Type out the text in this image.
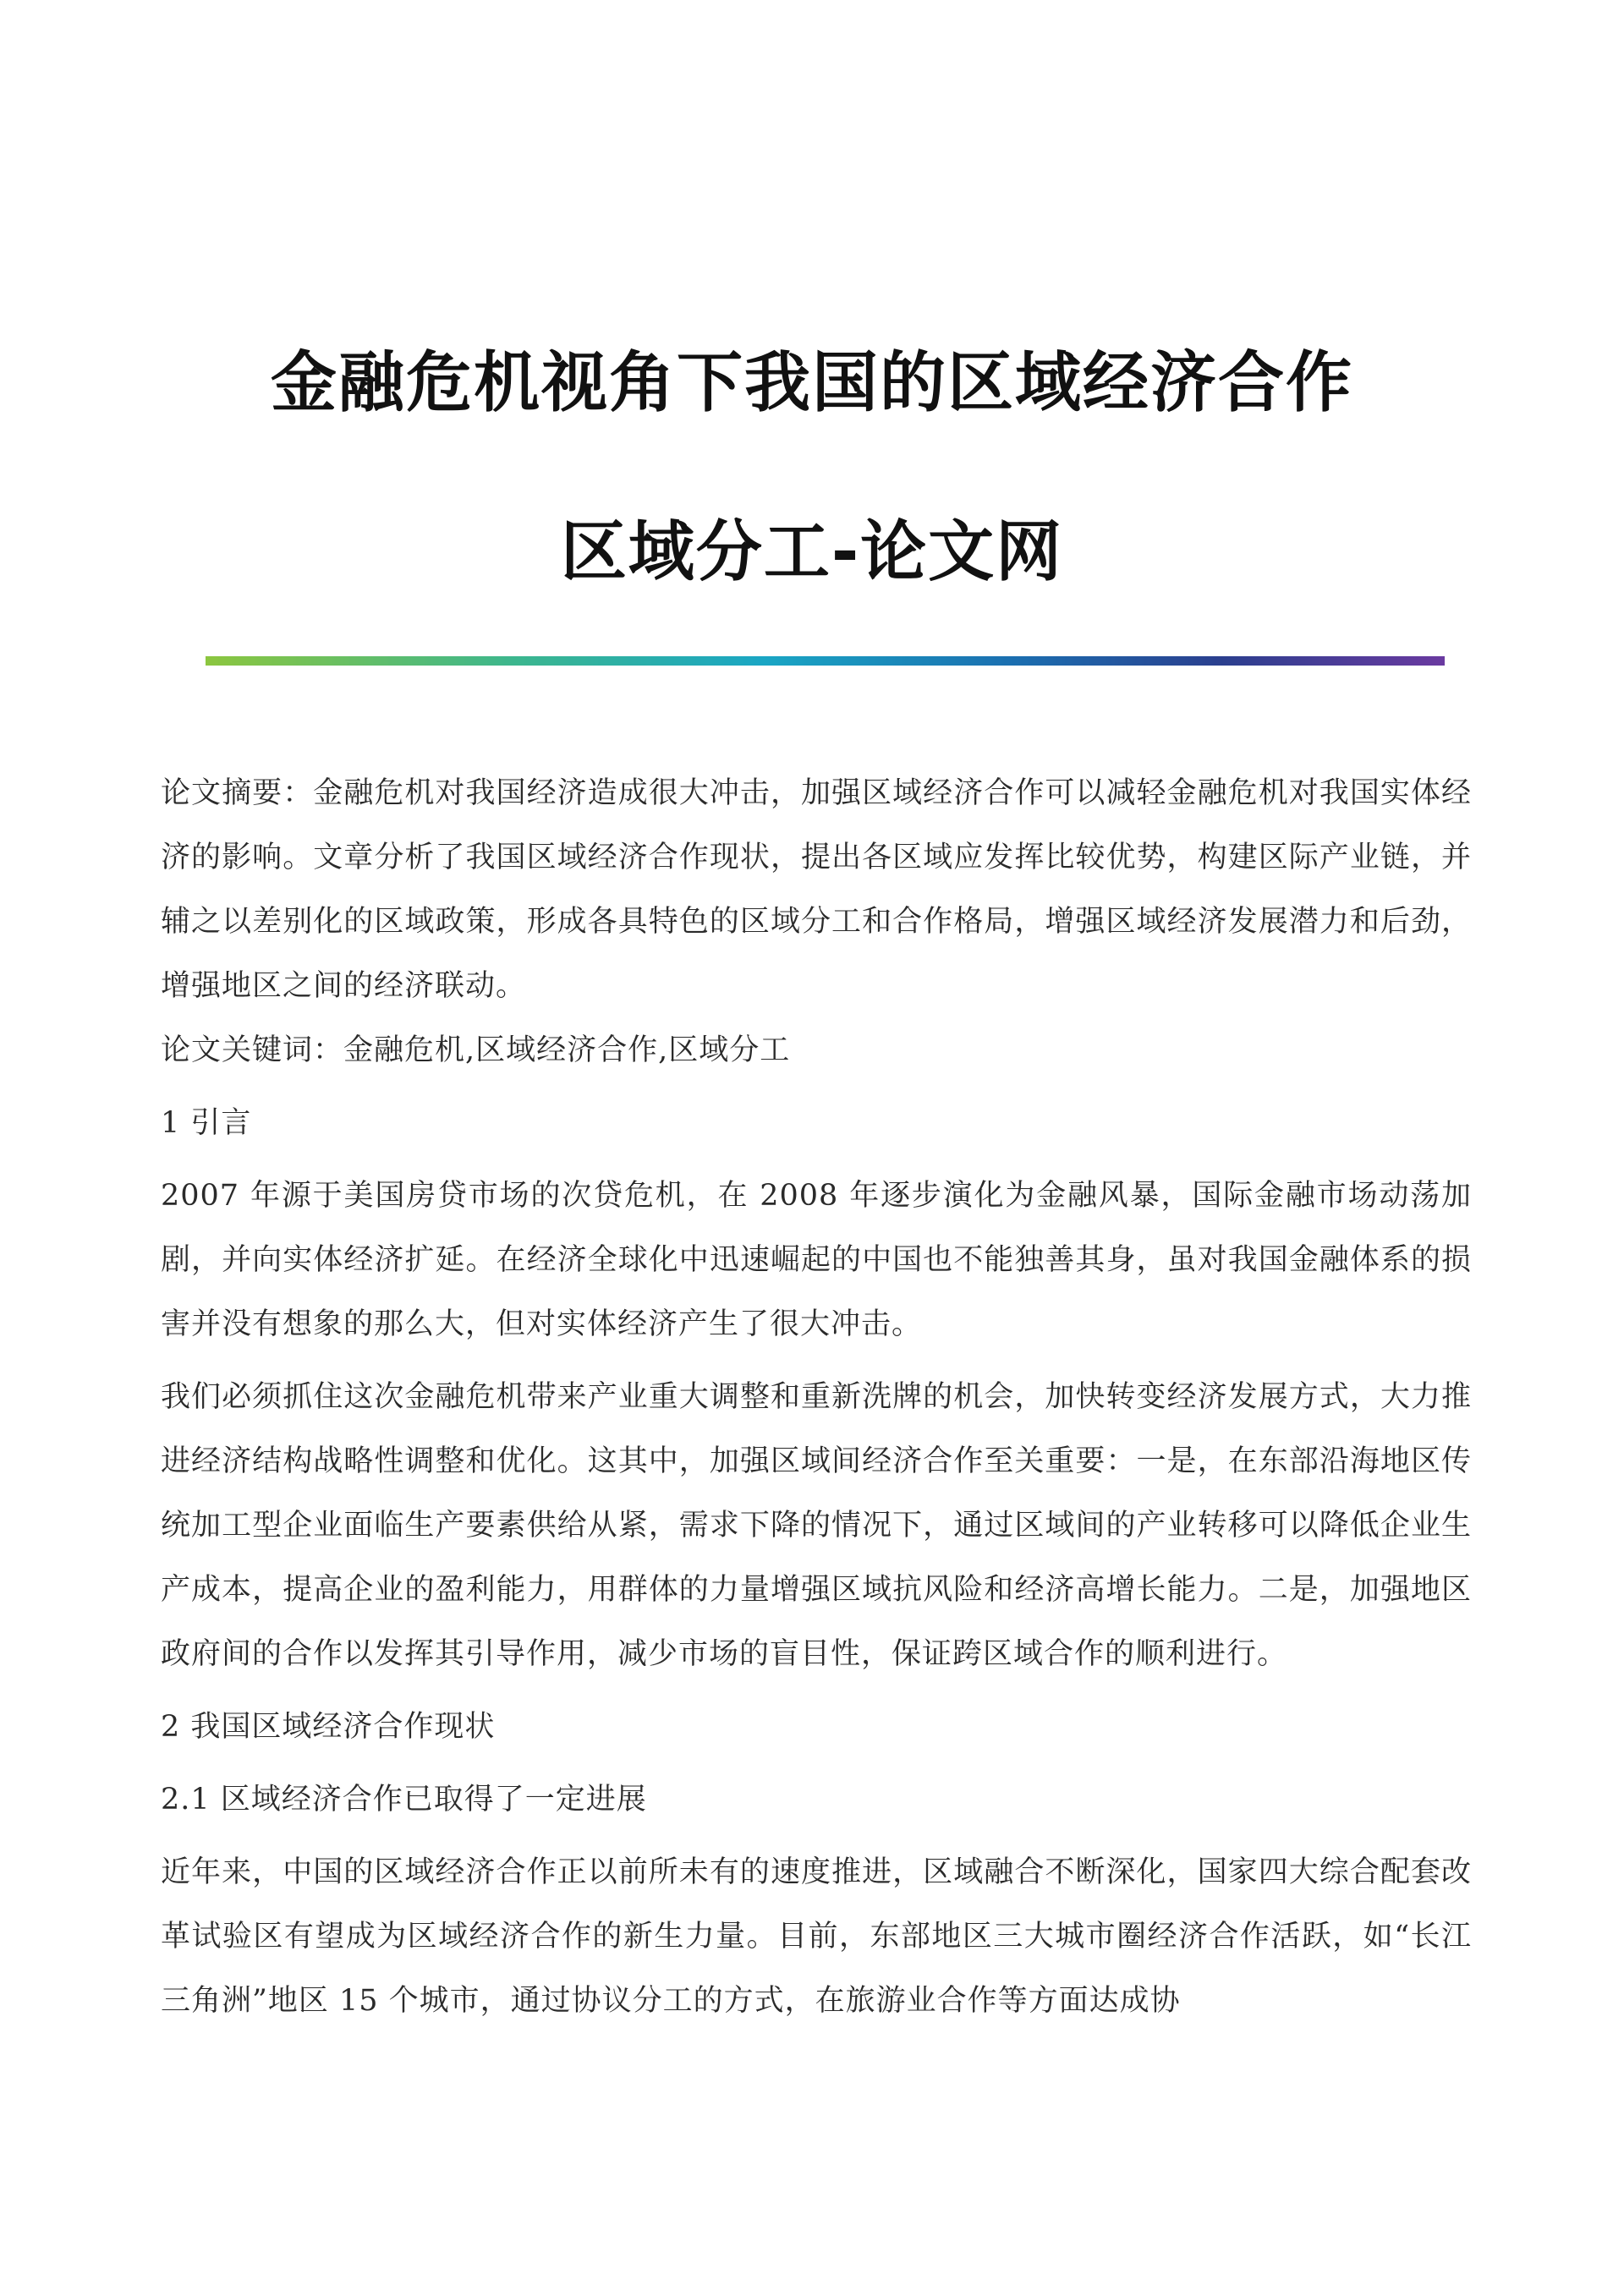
金融危机视角下我国的区域经济合作
区域分工-论文网

论文摘要：金融危机对我国经济造成很大冲击，加强区域经济合作可以减轻金融危机对我国实体经济的影响。文章分析了我国区域经济合作现状，提出各区域应发挥比较优势，构建区际产业链，并辅之以差别化的区域政策，形成各具特色的区域分工和合作格局，增强区域经济发展潜力和后劲，增强地区之间的经济联动。

论文关键词：金融危机,区域经济合作,区域分工

1 引言

2007 年源于美国房贷市场的次贷危机，在 2008 年逐步演化为金融风暴，国际金融市场动荡加剧，并向实体经济扩延。在经济全球化中迅速崛起的中国也不能独善其身，虽对我国金融体系的损害并没有想象的那么大，但对实体经济产生了很大冲击。

我们必须抓住这次金融危机带来产业重大调整和重新洗牌的机会，加快转变经济发展方式，大力推进经济结构战略性调整和优化。这其中，加强区域间经济合作至关重要：一是，在东部沿海地区传统加工型企业面临生产要素供给从紧，需求下降的情况下，通过区域间的产业转移可以降低企业生产成本，提高企业的盈利能力，用群体的力量增强区域抗风险和经济高增长能力。二是，加强地区政府间的合作以发挥其引导作用，减少市场的盲目性，保证跨区域合作的顺利进行。

2 我国区域经济合作现状
2.1 区域经济合作已取得了一定进展

近年来，中国的区域经济合作正以前所未有的速度推进，区域融合不断深化，国家四大综合配套改革试验区有望成为区域经济合作的新生力量。目前，东部地区三大城市圈经济合作活跃，如“长江三角洲”地区 15 个城市，通过协议分工的方式，在旅游业合作等方面达成协
